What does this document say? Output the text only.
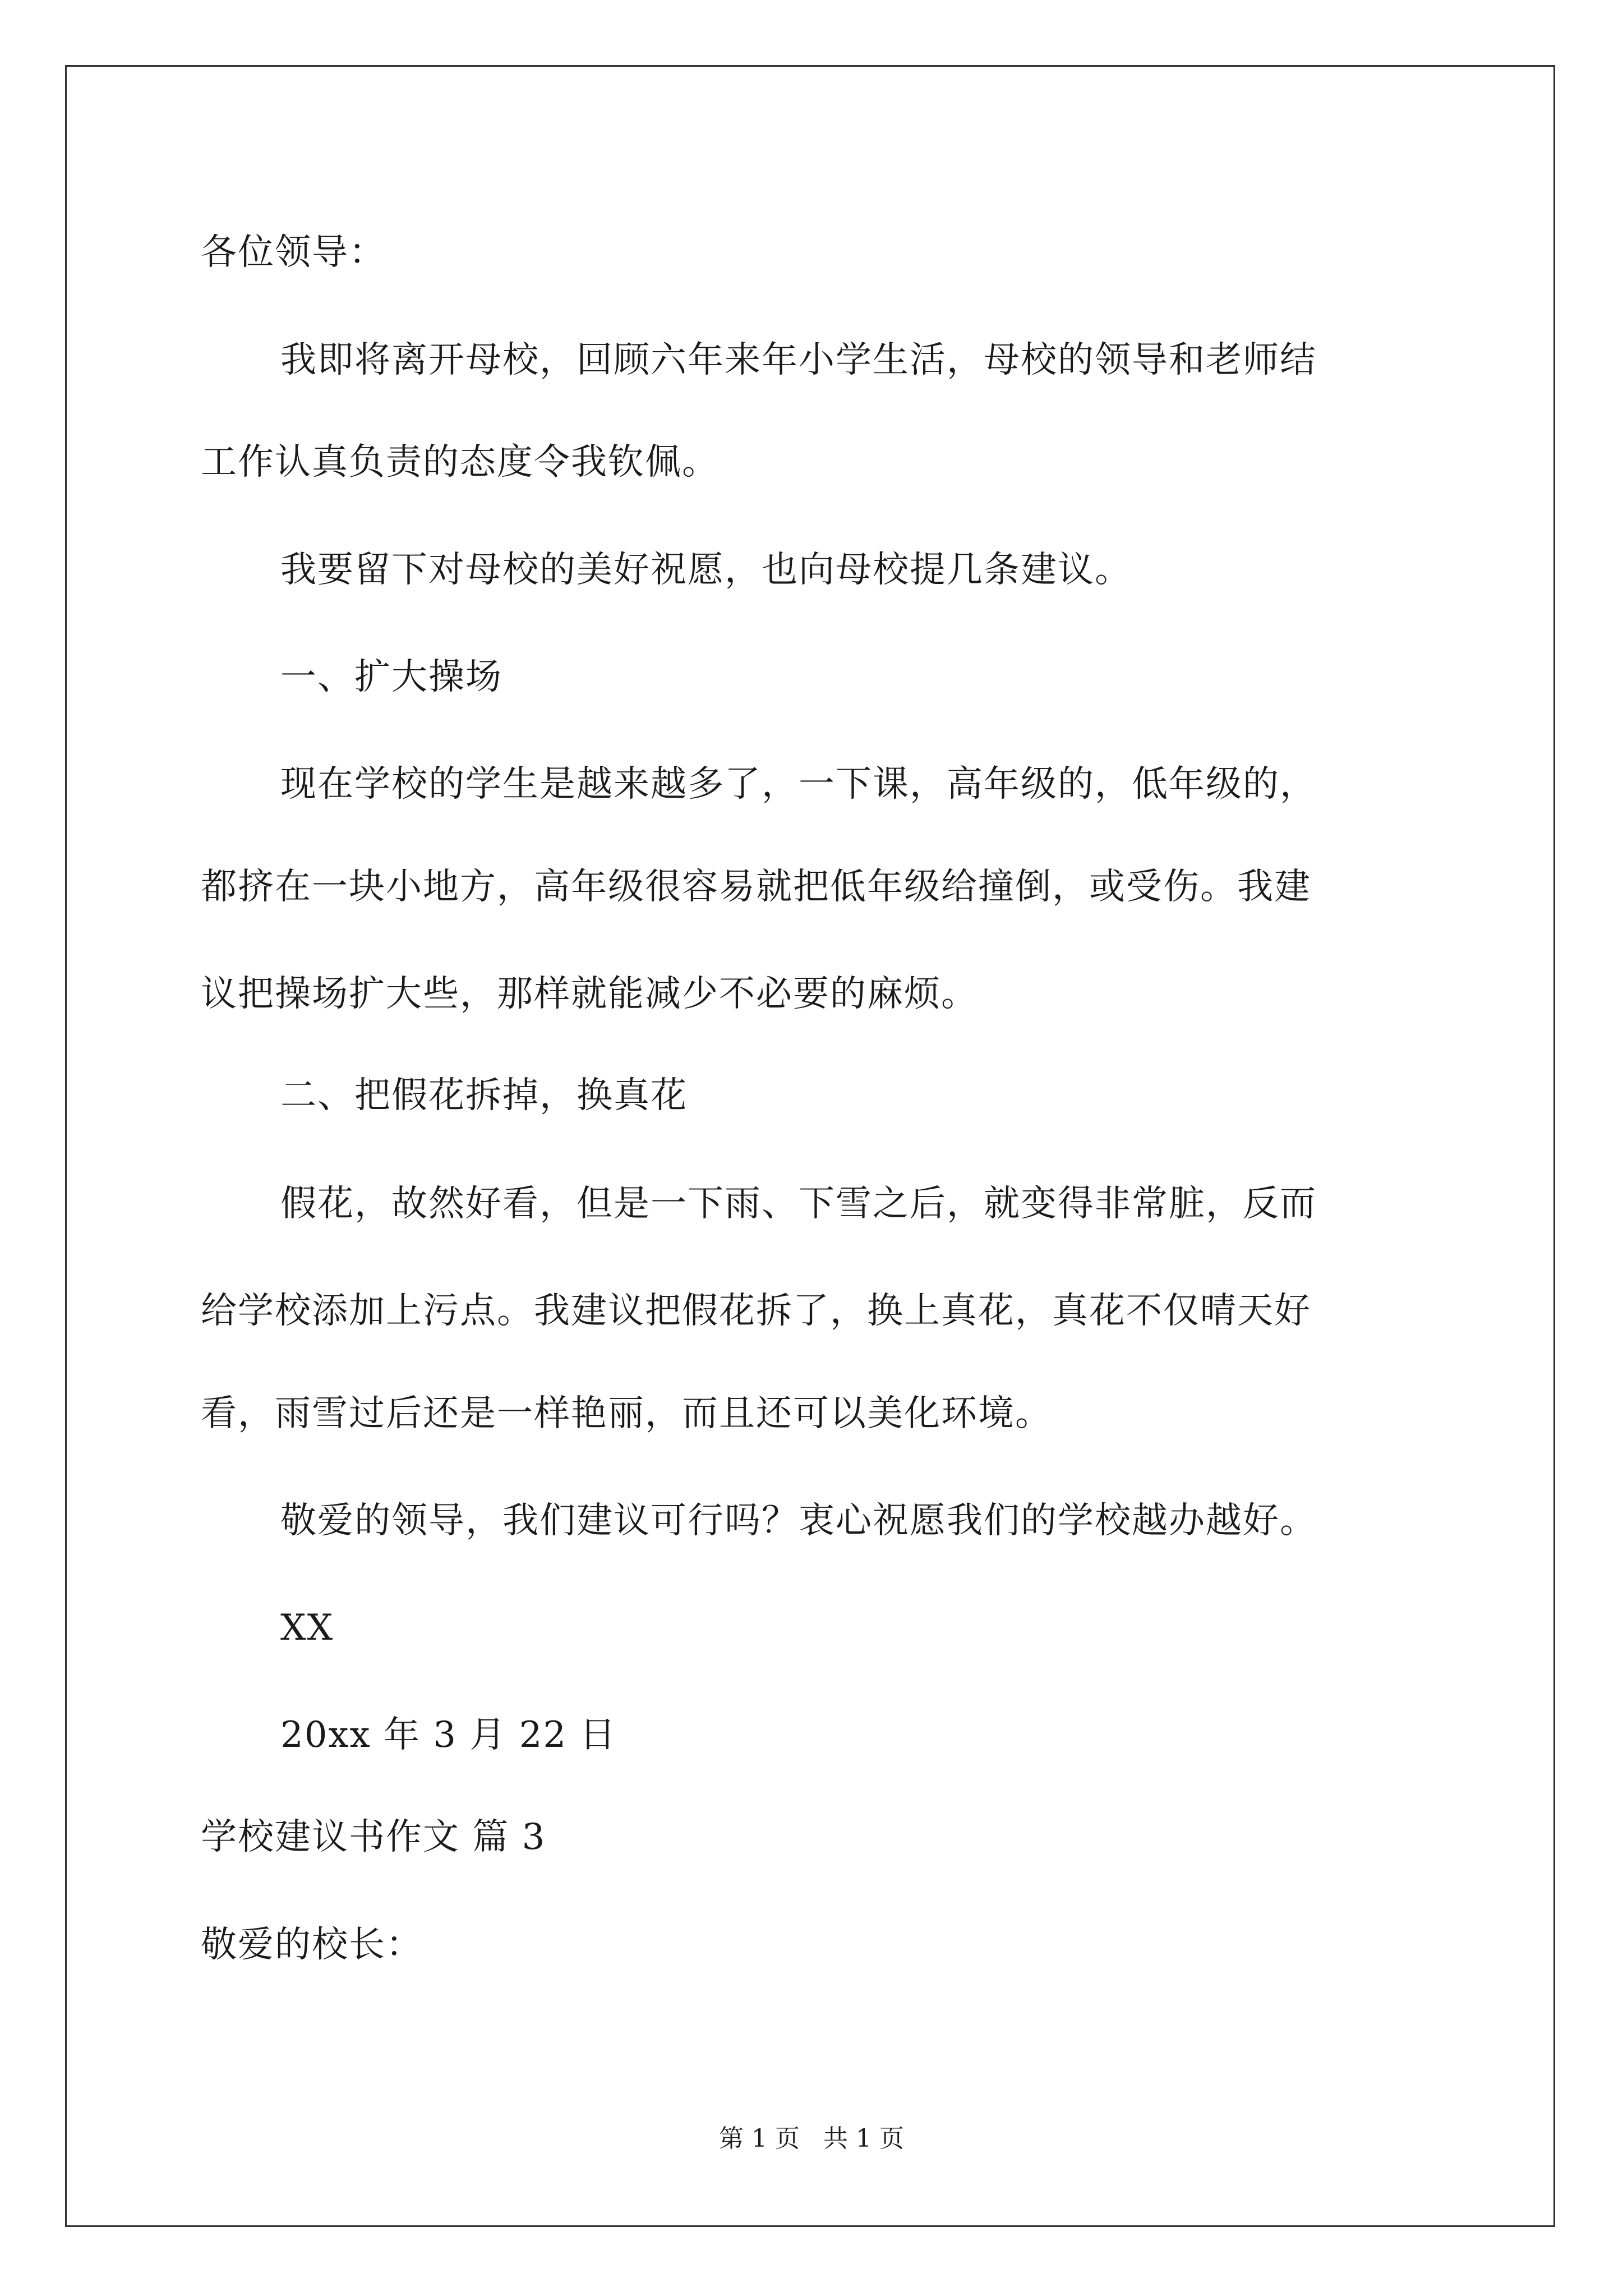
各位领导：
我即将离开母校，回顾六年来年小学生活，母校的领导和老师结
工作认真负责的态度令我钦佩。
我要留下对母校的美好祝愿，也向母校提几条建议。
一、扩大操场
现在学校的学生是越来越多了，一下课，高年级的，低年级的，
都挤在一块小地方，高年级很容易就把低年级给撞倒，或受伤。我建
议把操场扩大些，那样就能减少不必要的麻烦。
二、把假花拆掉，换真花
假花，故然好看，但是一下雨、下雪之后，就变得非常脏，反而
给学校添加上污点。我建议把假花拆了，换上真花，真花不仅晴天好
看，雨雪过后还是一样艳丽，而且还可以美化环境。
敬爱的领导，我们建议可行吗？衷心祝愿我们的学校越办越好。
XX
20xx 年 3 月 22 日
学校建议书作文 篇 3
敬爱的校长：
第 1 页 共 1 页
